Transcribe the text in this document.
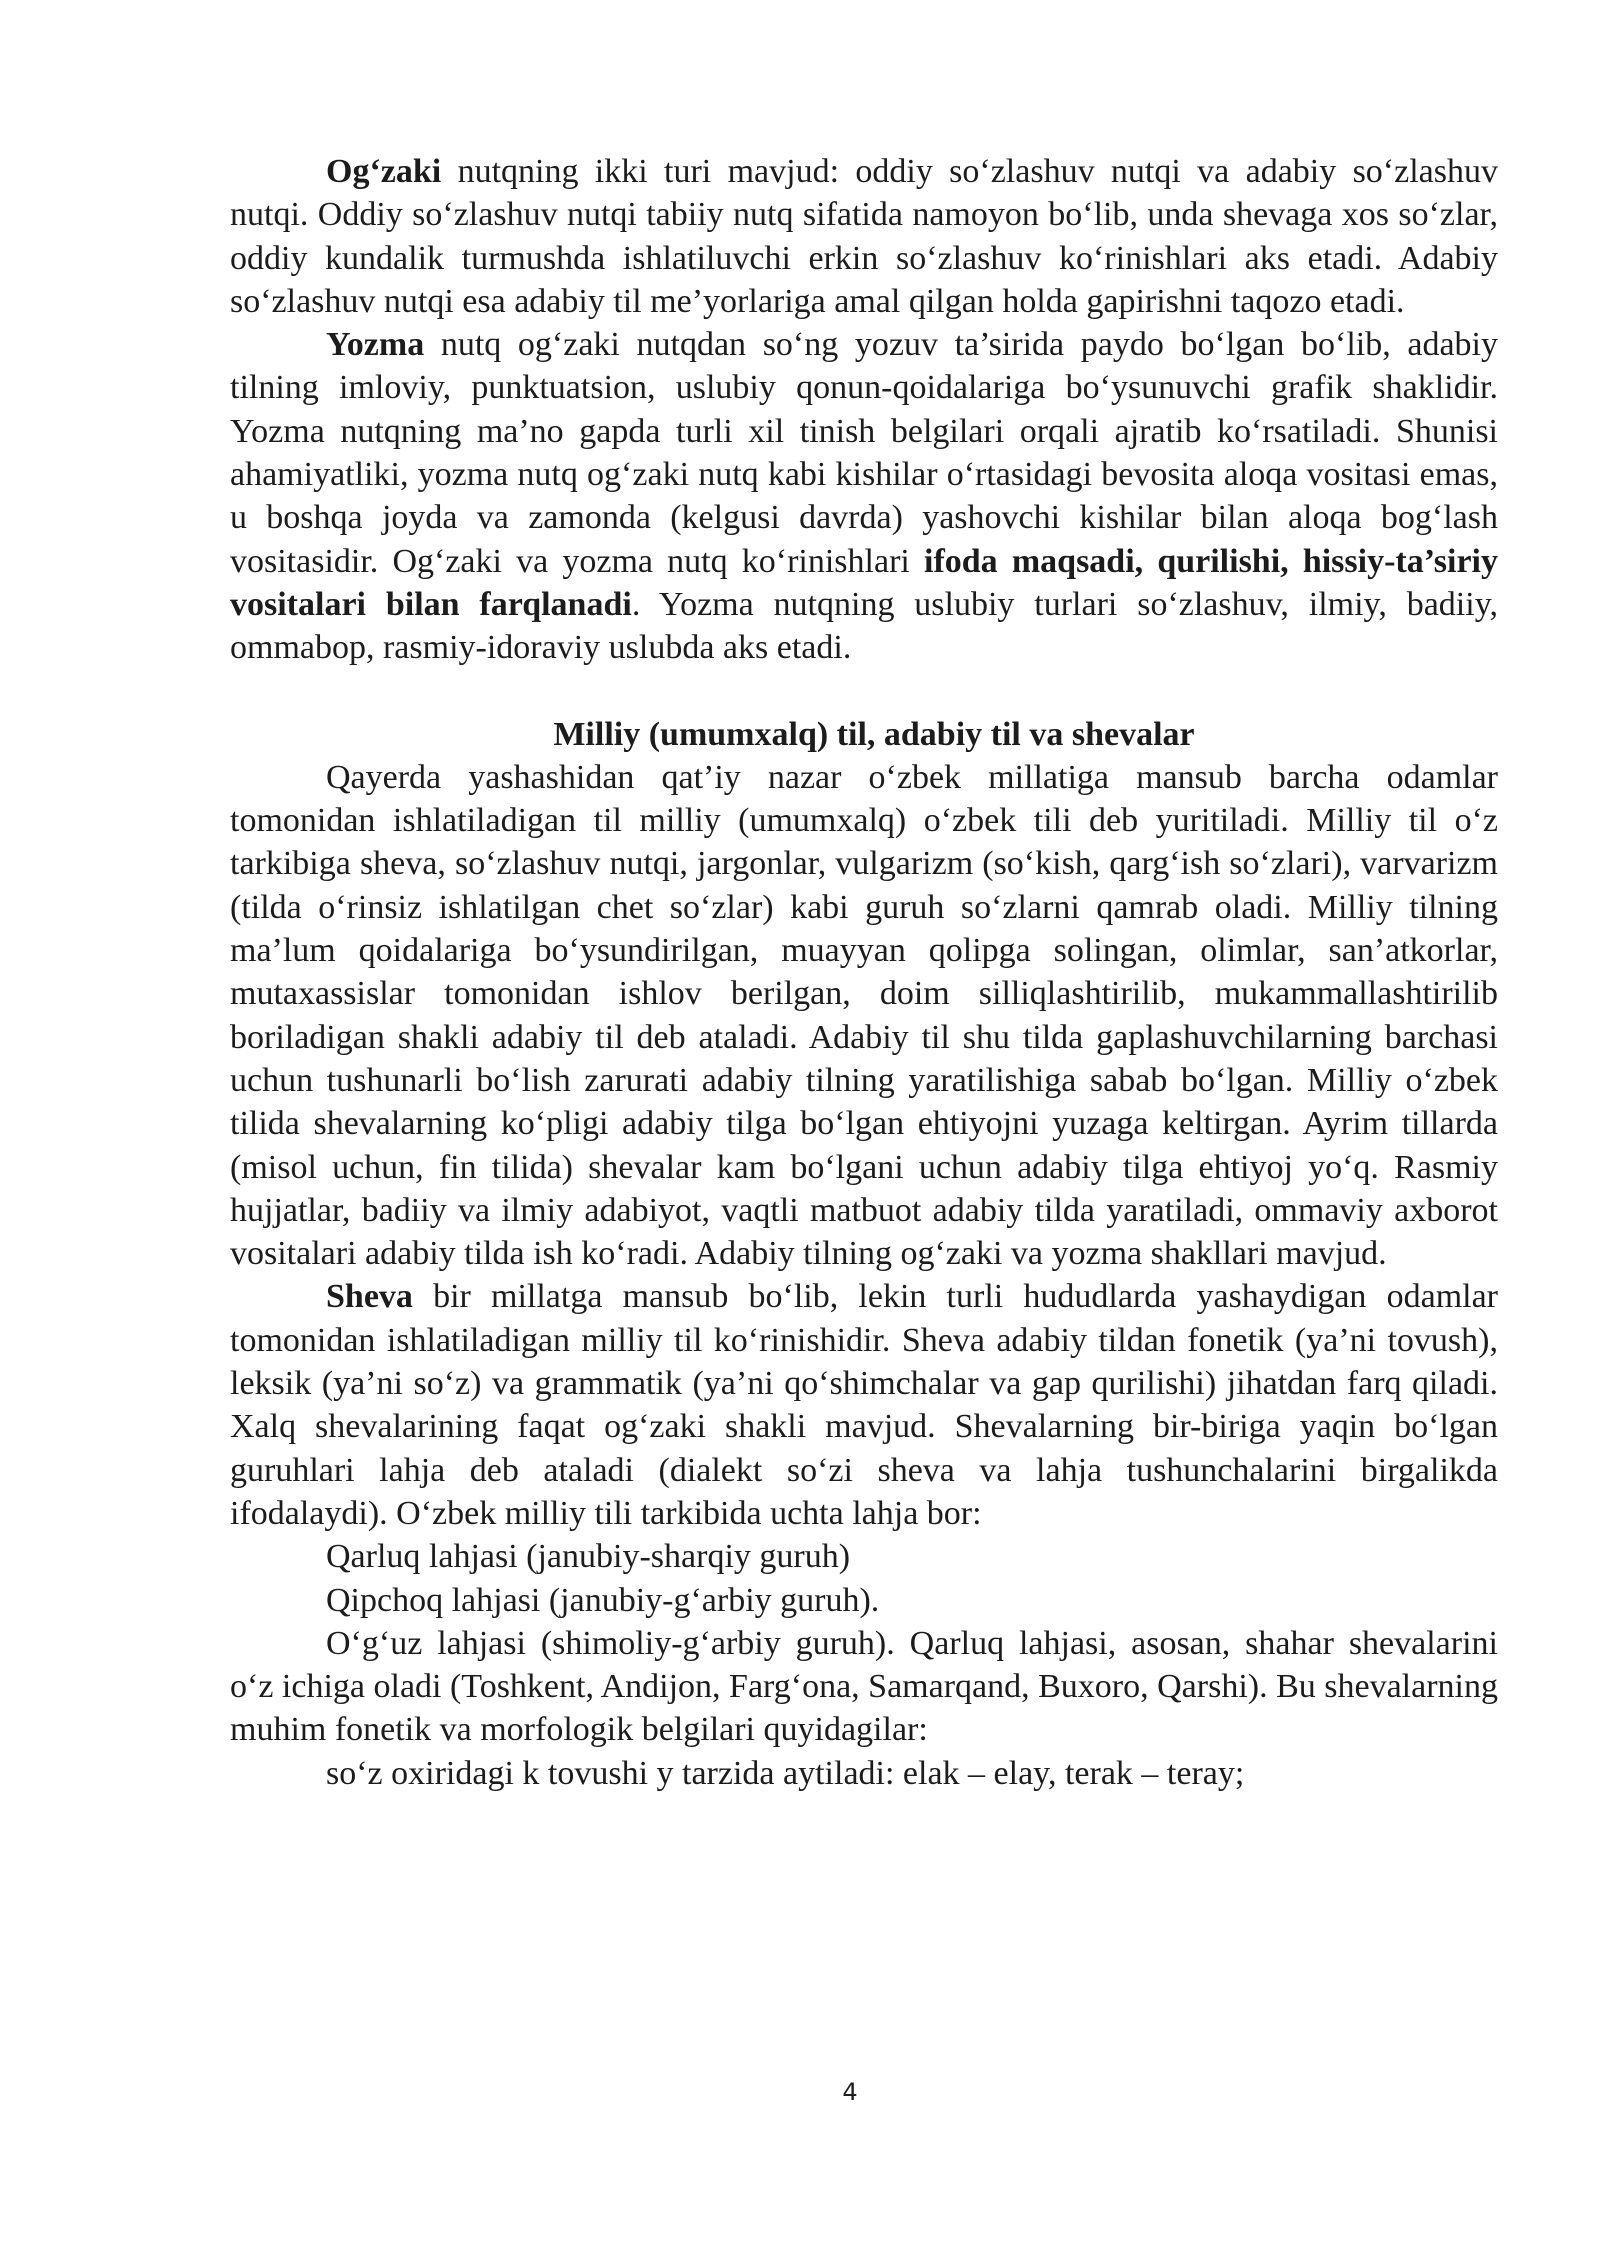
Og‘zaki nutqning ikki turi mavjud: oddiy so‘zlashuv nutqi va adabiy so‘zlashuv nutqi. Oddiy so‘zlashuv nutqi tabiiy nutq sifatida namoyon bo‘lib, unda shevaga xos so‘zlar, oddiy kundalik turmushda ishlatiluvchi erkin so‘zlashuv ko‘rinishlari aks etadi. Adabiy so‘zlashuv nutqi esa adabiy til me’yorlariga amal qilgan holda gapirishni taqozo etadi.

Yozma nutq og‘zaki nutqdan so‘ng yozuv ta’sirida paydo bo‘lgan bo‘lib, adabiy tilning imloviy, punktuatsion, uslubiy qonun-qoidalariga bo‘ysunuvchi grafik shaklidir. Yozma nutqning ma’no gapda turli xil tinish belgilari orqali ajratib ko‘rsatiladi. Shunisi ahamiyatliki, yozma nutq og‘zaki nutq kabi kishilar o‘rtasidagi bevosita aloqa vositasi emas, u boshqa joyda va zamonda (kelgusi davrda) yashovchi kishilar bilan aloqa bog‘lash vositasidir. Og‘zaki va yozma nutq ko‘rinishlari ifoda maqsadi, qurilishi, hissiy-ta’siriy vositalari bilan farqlanadi. Yozma nutqning uslubiy turlari so‘zlashuv, ilmiy, badiiy, ommabop, rasmiy-idoraviy uslubda aks etadi.

Milliy (umumxalq) til, adabiy til va shevalar

Qayerda yashashidan qat’iy nazar o‘zbek millatiga mansub barcha odamlar tomonidan ishlatiladigan til milliy (umumxalq) o‘zbek tili deb yuritiladi. Milliy til o‘z tarkibiga sheva, so‘zlashuv nutqi, jargonlar, vulgarizm (so‘kish, qarg‘ish so‘zlari), varvarizm (tilda o‘rinsiz ishlatilgan chet so‘zlar) kabi guruh so‘zlarni qamrab oladi. Milliy tilning ma’lum qoidalariga bo‘ysundirilgan, muayyan qolipga solingan, olimlar, san’atkorlar, mutaxassislar tomonidan ishlov berilgan, doim silliqlashtirilib, mukammallashtirilib boriladigan shakli adabiy til deb ataladi. Adabiy til shu tilda gaplashuvchilarning barchasi uchun tushunarli bo‘lish zarurati adabiy tilning yaratilishiga sabab bo‘lgan. Milliy o‘zbek tilida shevalarning ko‘pligi adabiy tilga bo‘lgan ehtiyojni yuzaga keltirgan. Ayrim tillarda (misol uchun, fin tilida) shevalar kam bo‘lgani uchun adabiy tilga ehtiyoj yo‘q. Rasmiy hujjatlar, badiiy va ilmiy adabiyot, vaqtli matbuot adabiy tilda yaratiladi, ommaviy axborot vositalari adabiy tilda ish ko‘radi. Adabiy tilning og‘zaki va yozma shakllari mavjud.

Sheva bir millatga mansub bo‘lib, lekin turli hududlarda yashaydigan odamlar tomonidan ishlatiladigan milliy til ko‘rinishidir. Sheva adabiy tildan fonetik (ya’ni tovush), leksik (ya’ni so‘z) va grammatik (ya’ni qo‘shimchalar va gap qurilishi) jihatdan farq qiladi. Xalq shevalarining faqat og‘zaki shakli mavjud. Shevalarning bir-biriga yaqin bo‘lgan guruhlari lahja deb ataladi (dialekt so‘zi sheva va lahja tushunchalarini birgalikda ifodalaydi). O‘zbek milliy tili tarkibida uchta lahja bor:

Qarluq lahjasi (janubiy-sharqiy guruh)

Qipchoq lahjasi (janubiy-g‘arbiy guruh).

O‘g‘uz lahjasi (shimoliy-g‘arbiy guruh). Qarluq lahjasi, asosan, shahar shevalarini o‘z ichiga oladi (Toshkent, Andijon, Farg‘ona, Samarqand, Buxoro, Qarshi). Bu shevalarning muhim fonetik va morfologik belgilari quyidagilar:

so‘z oxiridagi k tovushi y tarzida aytiladi: elak – elay, terak – teray;

4
